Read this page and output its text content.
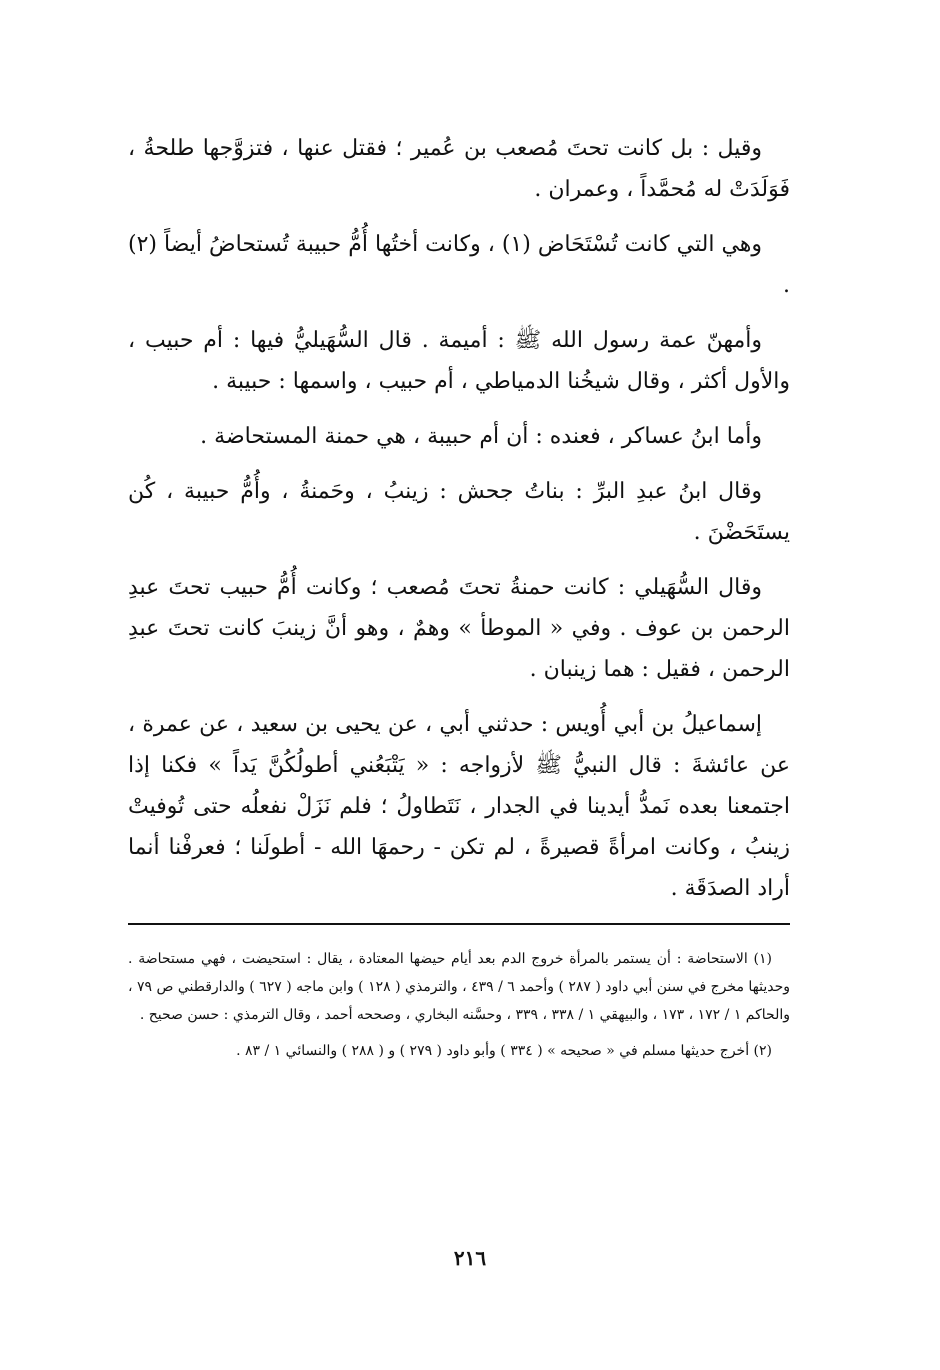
وقيل : بل كانت تحتَ مُصعب بن عُمير ؛ فقتل عنها ، فتزوَّجها طلحةُ ، فَوَلَدَتْ له مُحمَّداً ، وعمران .

وهي التي كانت تُسْتَحَاض (١) ، وكانت أختُها أُمُّ حبيبة تُستحاضُ أيضاً (٢) .

وأمهنّ عمة رسول الله ﷺ : أميمة . قال السُّهَيليُّ فيها : أم حبيب ، والأول أكثر ، وقال شيخُنا الدمياطي ، أم حبيب ، واسمها : حبيبة .

وأما ابنُ عساكر ، فعنده : أن أم حبيبة ، هي حمنة المستحاضة .

وقال ابنُ عبدِ البرِّ : بناتُ جحش : زينبُ ، وحَمنةُ ، وأُمُّ حبيبة ، كُن يستَحَضْنَ .

وقال السُّهَيلي : كانت حمنةُ تحتَ مُصعب ؛ وكانت أُمُّ حبيب تحتَ عبدِ الرحمن بن عوف . وفي « الموطأ » وهمٌ ، وهو أنَّ زينبَ كانت تحتَ عبدِ الرحمن ، فقيل : هما زينبان .

إسماعيلُ بن أبي أُويس : حدثني أبي ، عن يحيى بن سعيد ، عن عمرة ، عن عائشةَ : قال النبيُّ ﷺ لأزواجه : « يَتْبَعُني أطولُكُنَّ يَداً » فكنا إذا اجتمعنا بعده نَمدُّ أيدينا في الجدار ، نَتَطاولُ ؛ فلم نَزَلْ نفعلُه حتى تُوفيتْ زينبُ ، وكانت امرأةً قصيرةً ، لم تكن - رحمهَا الله - أطولَنا ؛ فعرفْنا أنما أراد الصدَقَة .

(١) الاستحاضة : أن يستمر بالمرأة خروج الدم بعد أيام حيضها المعتادة ، يقال : استحيضت ، فهي مستحاضة . وحديثها مخرج في سنن أبي داود ( ٢٨٧ ) وأحمد ٦ / ٤٣٩ ، والترمذي ( ١٢٨ ) وابن ماجه ( ٦٢٧ ) والدارقطني ص ٧٩ ، والحاكم ١ / ١٧٢ ، ١٧٣ ، والبيهقي ١ / ٣٣٨ ، ٣٣٩ ، وحسَّنه البخاري ، وصححه أحمد ، وقال الترمذي : حسن صحيح .

(٢) أخرج حديثها مسلم في « صحيحه » ( ٣٣٤ ) وأبو داود ( ٢٧٩ ) و ( ٢٨٨ ) والنسائي ١ / ٨٣ .

٢١٦
